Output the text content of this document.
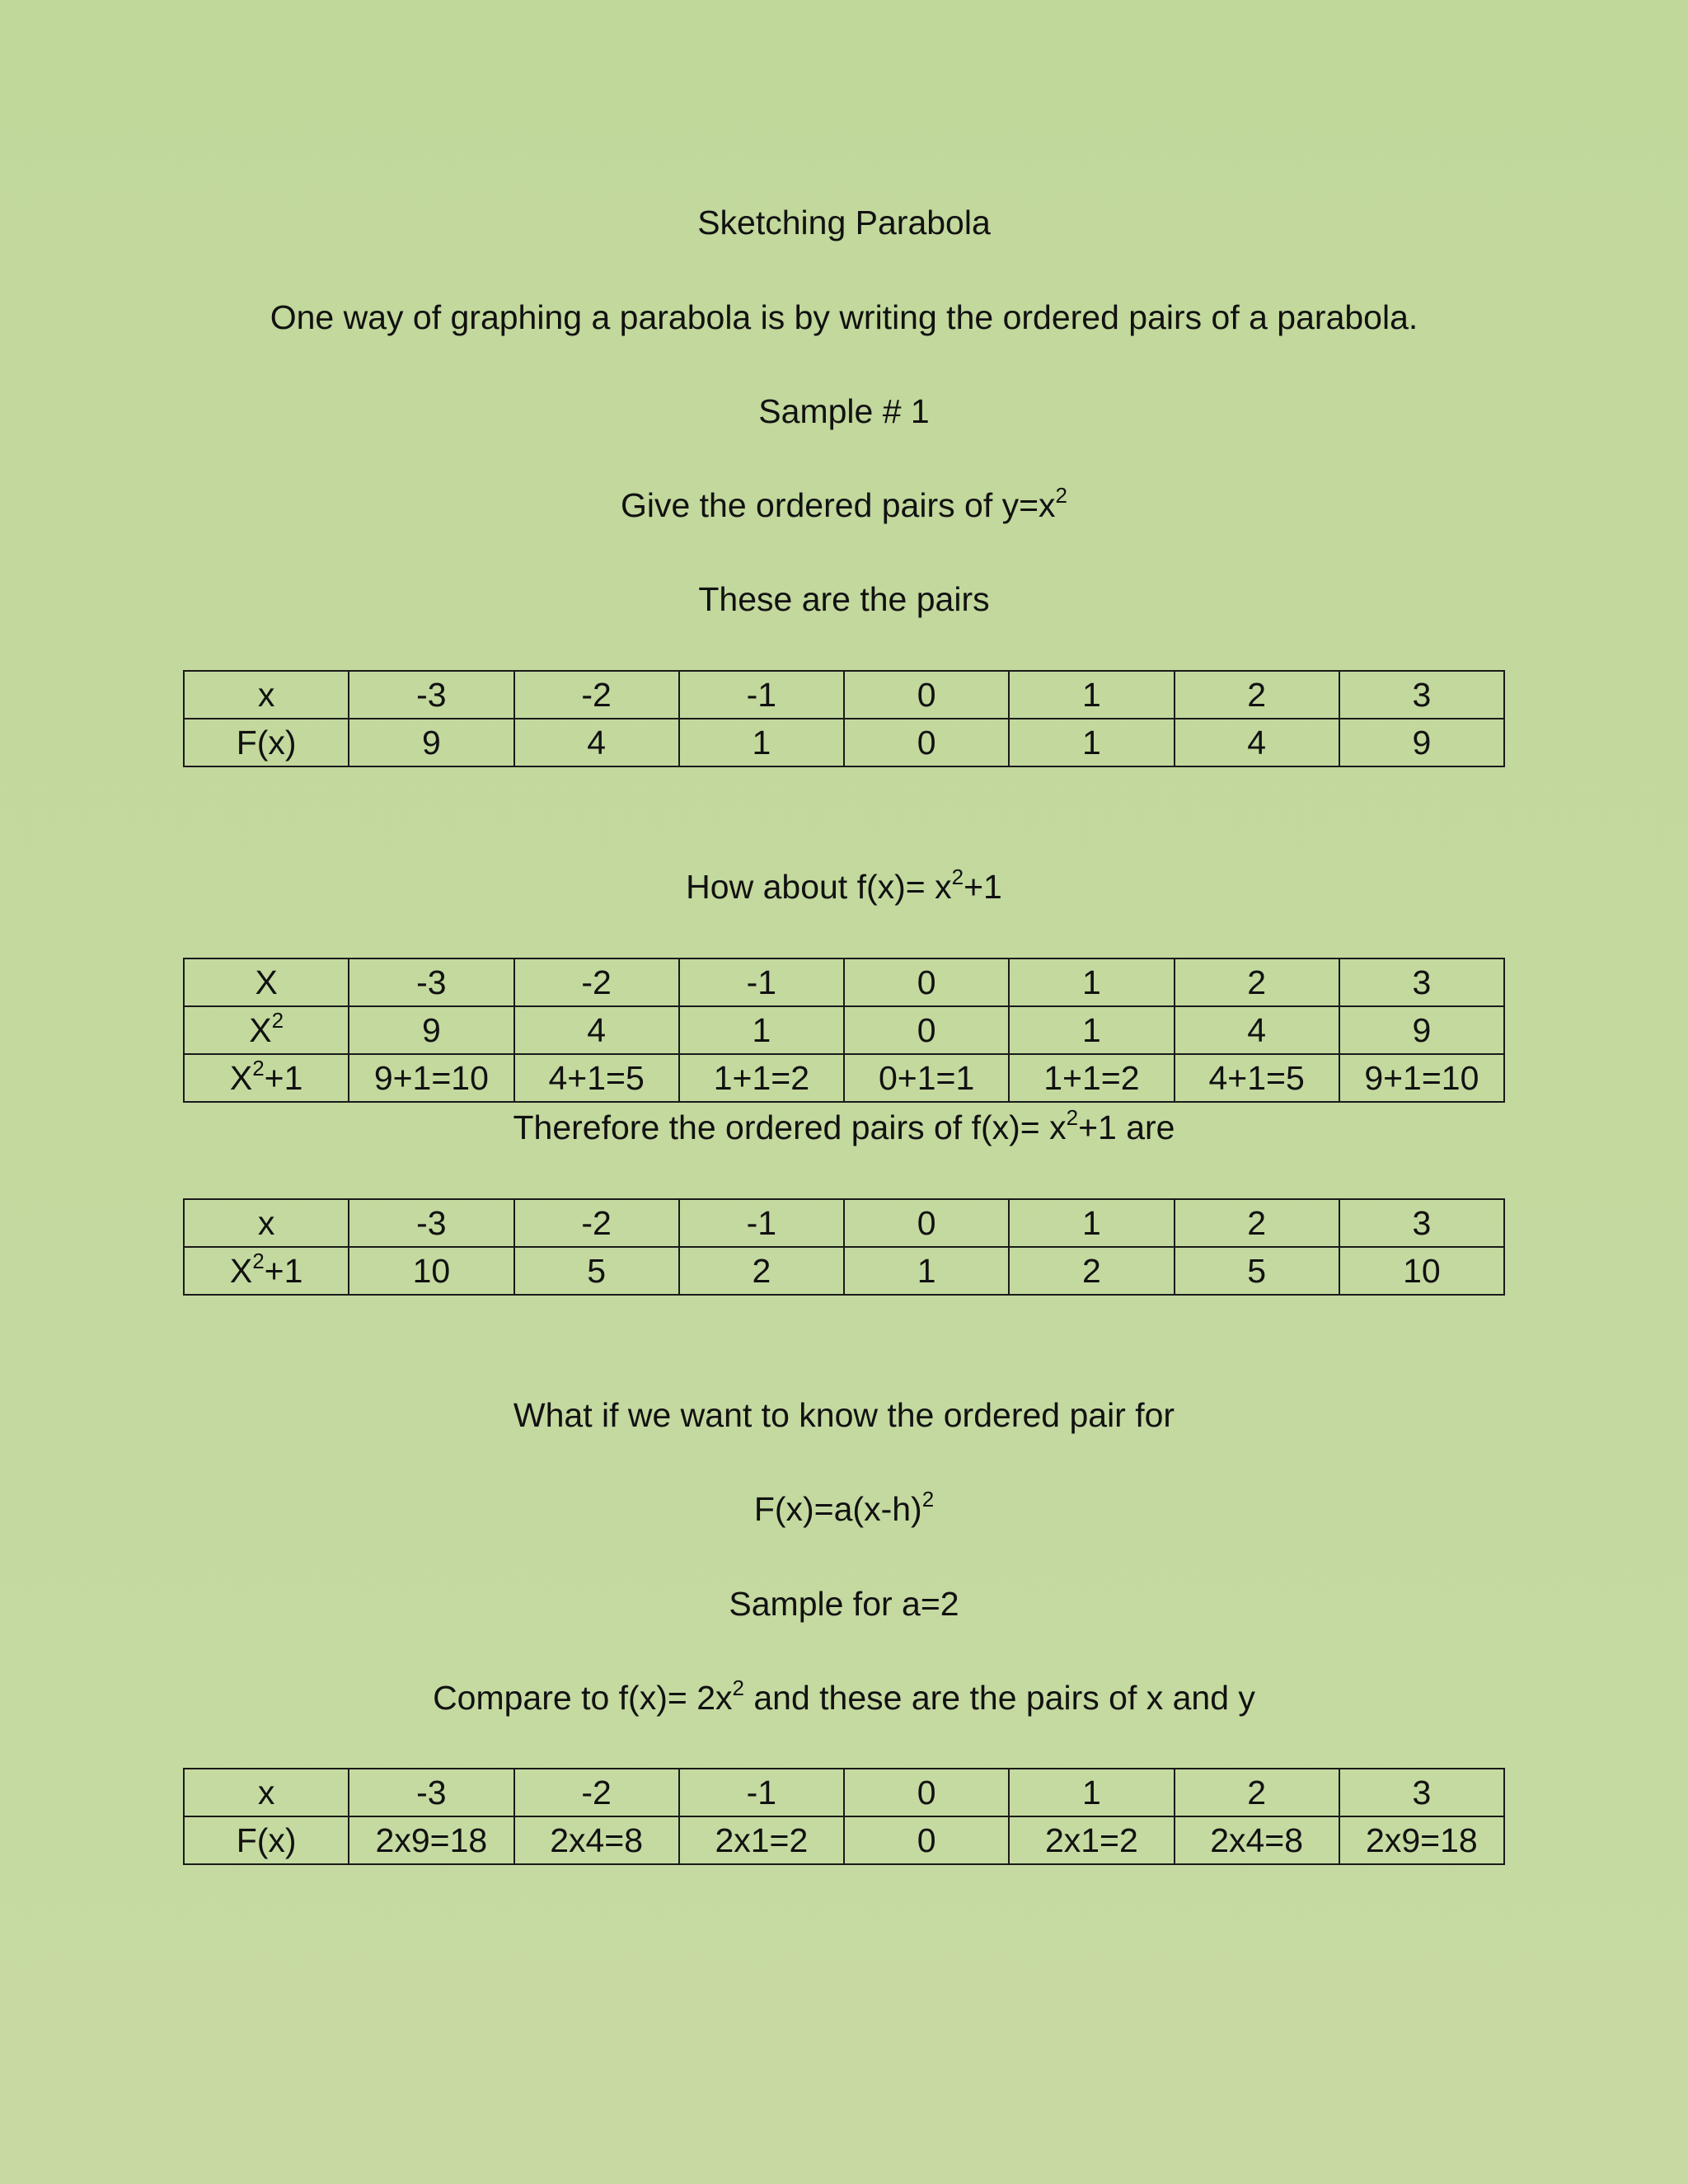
Sketching Parabola
One way of graphing a parabola is by writing the ordered pairs of a parabola.
Sample # 1
Give the ordered pairs of $y=x^2$
These are the pairs
x	-3	-2	-1	0	1	2	3
F(x)	9	4	1	0	1	4	9
How about $f(x)= x^2+1$
X	-3	-2	-1	0	1	2	3
$X^2$	9	4	1	0	1	4	9
$X^2+1$	9+1=10	4+1=5	1+1=2	0+1=1	1+1=2	4+1=5	9+1=10
Therefore the ordered pairs of $f(x)= x^2+1$ are
x	-3	-2	-1	0	1	2	3
$X^2+1$	10	5	2	1	2	5	10
What if we want to know the ordered pair for
$F(x)=a(x-h)^2$
Sample for a=2
Compare to $f(x)= 2x^2$ and these are the pairs of x and y
x	-3	-2	-1	0	1	2	3
F(x)	2x9=18	2x4=8	2x1=2	0	2x1=2	2x4=8	2x9=18
